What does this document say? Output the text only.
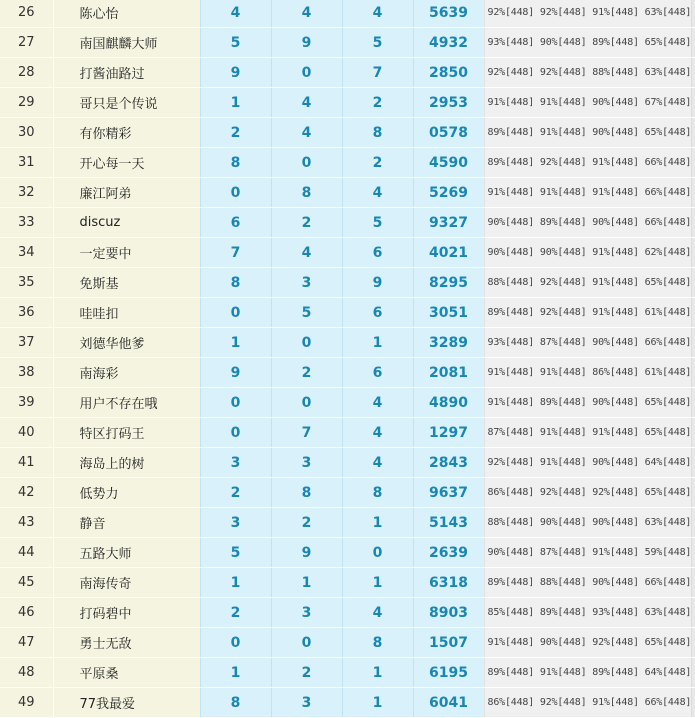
26	陈心怡	4	4	4	5639	92%[448] 92%[448] 91%[448] 63%[448]	
27	南国麒麟大师	5	9	5	4932	93%[448] 90%[448] 89%[448] 65%[448]	
28	打酱油路过	9	0	7	2850	92%[448] 92%[448] 88%[448] 63%[448]	
29	哥只是个传说	1	4	2	2953	91%[448] 91%[448] 90%[448] 67%[448]	
30	有你精彩	2	4	8	0578	89%[448] 91%[448] 90%[448] 65%[448]	
31	开心每一天	8	0	2	4590	89%[448] 92%[448] 91%[448] 66%[448]	
32	廉江阿弟	0	8	4	5269	91%[448] 91%[448] 91%[448] 66%[448]	
33	discuz	6	2	5	9327	90%[448] 89%[448] 90%[448] 66%[448]	
34	一定要中	7	4	6	4021	90%[448] 90%[448] 91%[448] 62%[448]	
35	免斯基	8	3	9	8295	88%[448] 92%[448] 91%[448] 65%[448]	
36	哇哇扣	0	5	6	3051	89%[448] 92%[448] 91%[448] 61%[448]	
37	刘德华他爹	1	0	1	3289	93%[448] 87%[448] 90%[448] 66%[448]	
38	南海彩	9	2	6	2081	91%[448] 91%[448] 86%[448] 61%[448]	
39	用户不存在哦	0	0	4	4890	91%[448] 89%[448] 90%[448] 65%[448]	
40	特区打码王	0	7	4	1297	87%[448] 91%[448] 91%[448] 65%[448]	
41	海岛上的树	3	3	4	2843	92%[448] 91%[448] 90%[448] 64%[448]	
42	低势力	2	8	8	9637	86%[448] 92%[448] 92%[448] 65%[448]	
43	静音	3	2	1	5143	88%[448] 90%[448] 90%[448] 63%[448]	
44	五路大师	5	9	0	2639	90%[448] 87%[448] 91%[448] 59%[448]	
45	南海传奇	1	1	1	6318	89%[448] 88%[448] 90%[448] 66%[448]	
46	打码碧中	2	3	4	8903	85%[448] 89%[448] 93%[448] 63%[448]	
47	勇士无敌	0	0	8	1507	91%[448] 90%[448] 92%[448] 65%[448]	
48	平原桑	1	2	1	6195	89%[448] 91%[448] 89%[448] 64%[448]	
49	77我最爱	8	3	1	6041	86%[448] 92%[448] 91%[448] 66%[448]	
